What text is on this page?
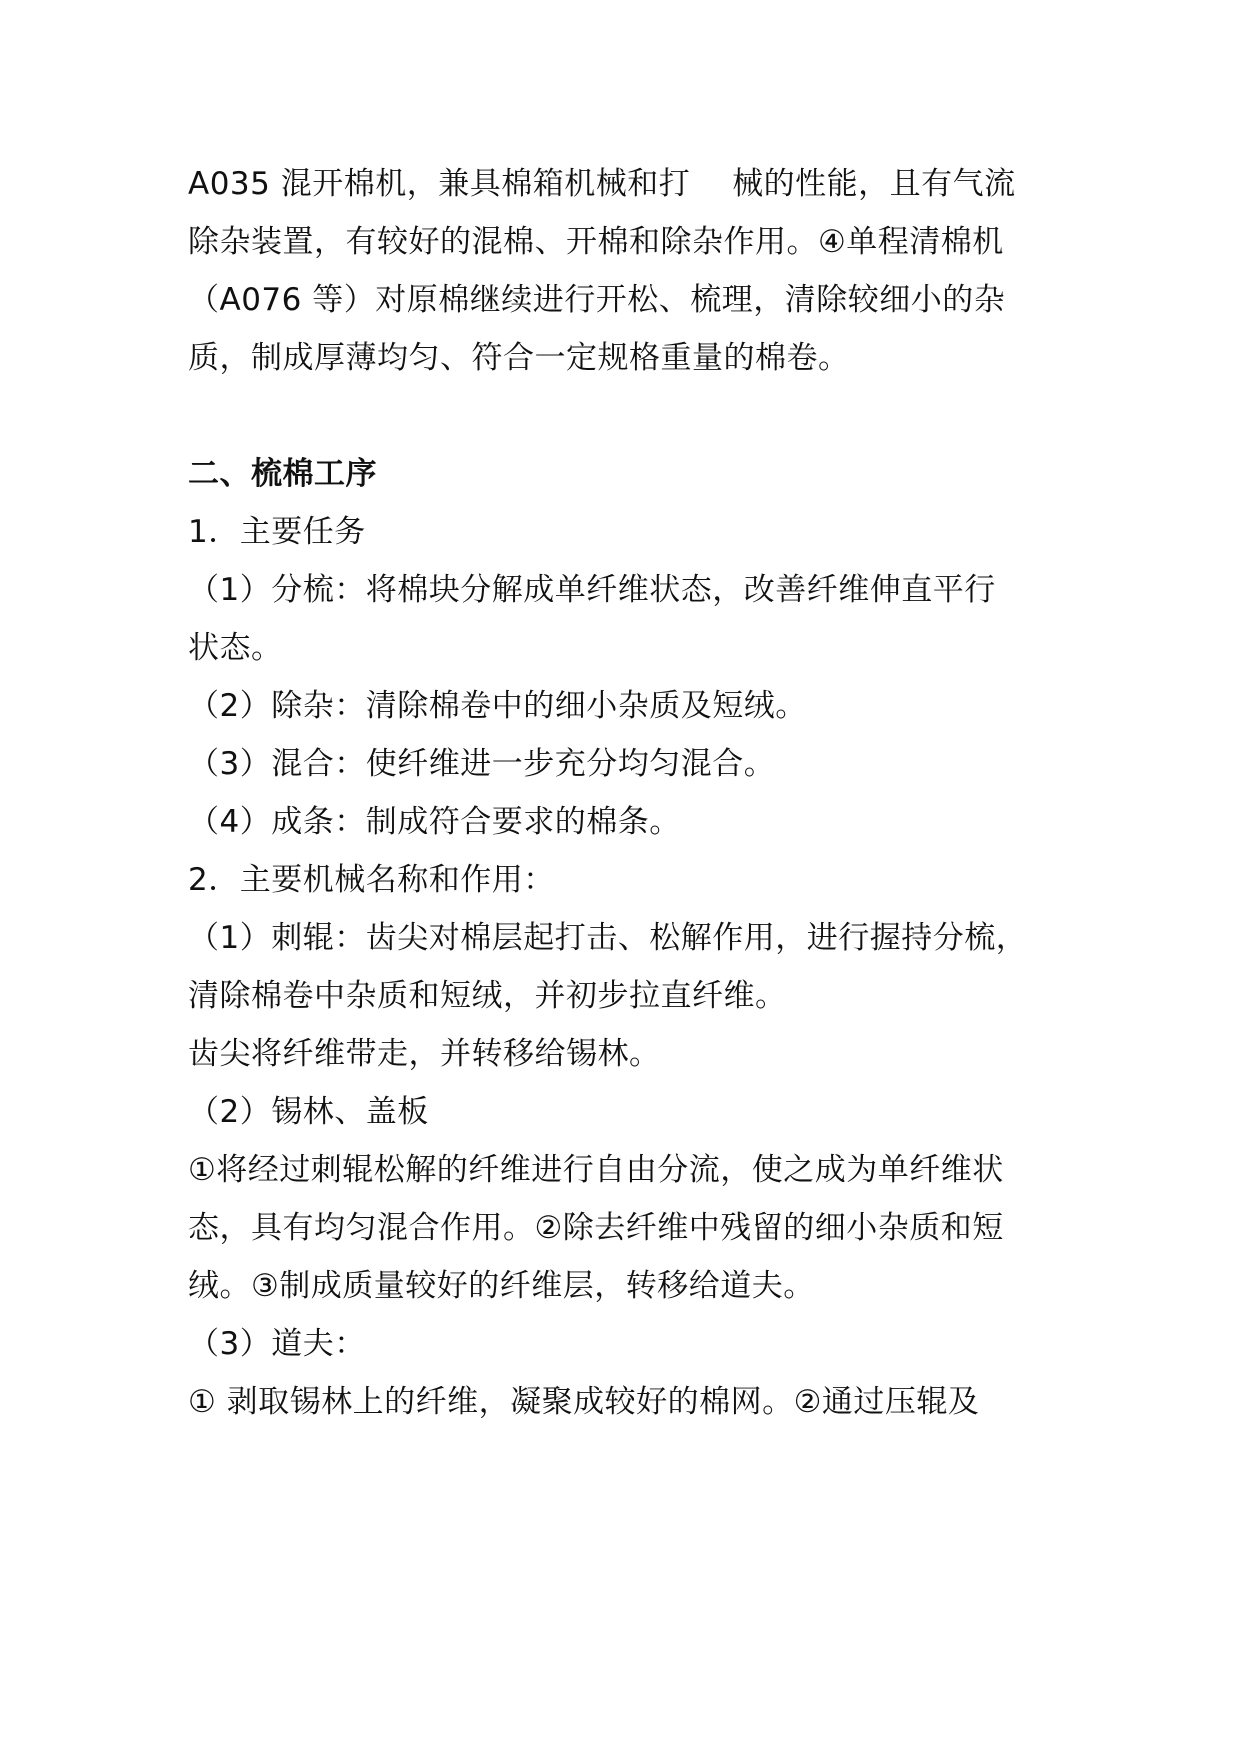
A035 混开棉机，兼具棉箱机械和打　 械的性能，且有气流
除杂装置，有较好的混棉、开棉和除杂作用。④单程清棉机
（A076 等）对原棉继续进行开松、梳理，清除较细小的杂
质，制成厚薄均匀、符合一定规格重量的棉卷。
二、梳棉工序
1．主要任务
（1）分梳：将棉块分解成单纤维状态，改善纤维伸直平行
状态。
（2）除杂：清除棉卷中的细小杂质及短绒。
（3）混合：使纤维进一步充分均匀混合。
（4）成条：制成符合要求的棉条。
2．主要机械名称和作用：
（1）刺辊：齿尖对棉层起打击、松解作用，进行握持分梳，
清除棉卷中杂质和短绒，并初步拉直纤维。
齿尖将纤维带走，并转移给锡林。
（2）锡林、盖板
①将经过刺辊松解的纤维进行自由分流，使之成为单纤维状
态，具有均匀混合作用。②除去纤维中残留的细小杂质和短
绒。③制成质量较好的纤维层，转移给道夫。
（3）道夫：
① 剥取锡林上的纤维，凝聚成较好的棉网。②通过压辊及
